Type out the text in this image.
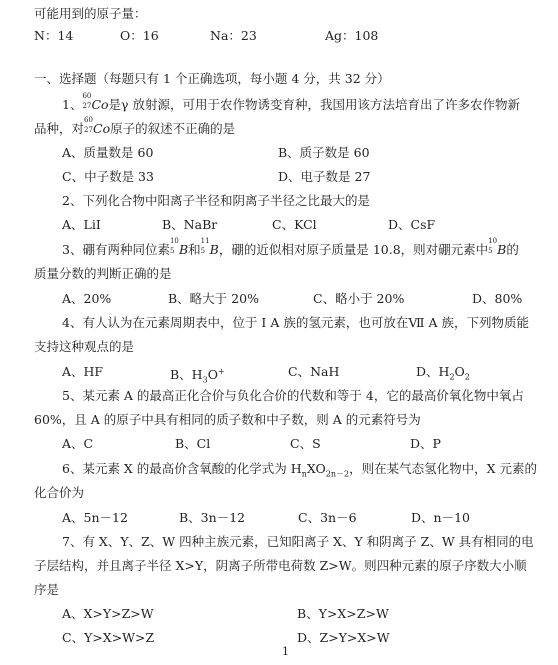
可能用到的原子量：
N：14	O：16	Na：23	Ag：108
一、选择题（每题只有 1 个正确选项，每小题 4 分，共 32 分）
1、
60
27 Co是γ 放射源，可用于农作物诱变育种，我国用该方法培育出了许多农作物新
品种，对
60
27 Co原子的叙述不正确的是
A、质量数是 60	B、质子数是 60
C、中子数是 33	D、电子数是 27
2、下列化合物中阳离子半径和阴离子半径之比最大的是
A、LiI	B、NaBr	C、KCl	D、CsF
3、硼有两种同位素
10
5 B和
11
5 B，硼的近似相对原子质量是 10.8，则对硼元素中
10
5 B的
质量分数的判断正确的是
A、20%	B、略大于 20%	C、略小于 20%	D、80%
4、有人认为在元素周期表中，位于 I A 族的氢元素，也可放在Ⅶ A 族，下列物质能
支持这种观点的是
A、HF	B、$H_3O^+$	C、NaH	D、$H_2O_2$
5、某元素 A 的最高正化合价与负化合价的代数和等于 4，它的最高价氧化物中氧占
60%，且 A 的原子中具有相同的质子数和中子数，则 A 的元素符号为
A、C	B、Cl	C、S	D、P
6、某元素 X 的最高价含氧酸的化学式为 $H_nXO_{2n-2}$，则在某气态氢化物中，X 元素的
化合价为
A、5n－12	B、3n－12	C、3n－6	D、n－10
7、有 X、Y、Z、W 四种主族元素，已知阳离子 X、Y 和阴离子 Z、W 具有相同的电
子层结构，并且离子半径 X>Y，阴离子所带电荷数 Z>W。则四种元素的原子序数大小顺
序是
A、X>Y>Z>W	B、Y>X>Z>W
C、Y>X>W>Z	D、Z>Y>X>W
1
